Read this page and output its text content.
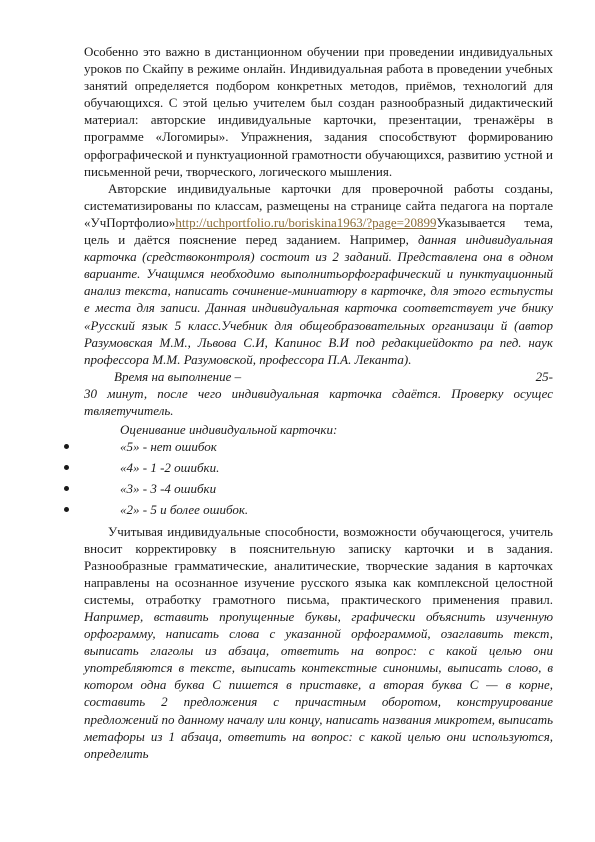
Особенно это важно в дистанционном обучении при проведении индивидуальных уроков по Скайпу в режиме онлайн. Индивидуальная работа в проведении учебных занятий определяется подбором конкретных методов, приёмов, технологий для обучающихся. С этой целью учителем был создан разнообразный дидактический материал: авторские индивидуальные карточки, презентации, тренажёры в программе «Логомиры». Упражнения, задания способствуют формированию орфографической и пунктуационной грамотности обучающихся, развитию устной и письменной речи, творческого, логического мышления.

Авторские индивидуальные карточки для проверочной работы созданы, систематизированы по классам, размещены на странице сайта педагога на портале «УчПортфолио»http://uchportfolio.ru/boriskina1963/?page=20899Указывается тема, цель и даётся пояснение перед заданием. Например, данная индивидуальная карточка (средствоконтроля) состоит из 2 заданий. Представлена она в одном варианте. Учащимся необходимо выполнитьорфографический и пунктуационный анализ текста, написать сочинение-миниатюру в карточке, для этого естьпусты е места для записи. Данная индивидуальная карточка соответствует уче бнику «Русский язык 5 класс.Учебник для общеобразовательных организаци й (автор Разумовская М.М., Львова С.И, Капинос В.И под редакциейдокто ра пед. наук профессора М.М. Разумовской, профессора П.А. Леканта).

Время на выполнение –	25-

30 минут, после чего индивидуальная карточка сдаётся. Проверку осущес твляетучитель.

Оценивание индивидуальной карточки:

«5» - нет ошибок
«4» - 1 -2 ошибки.
«3» - 3 -4 ошибки
«2» - 5 и более ошибок.

Учитывая индивидуальные способности, возможности обучающегося, учитель вносит корректировку в пояснительную записку карточки и в задания. Разнообразные грамматические, аналитические, творческие задания в карточках направлены на осознанное изучение русского языка как комплексной целостной системы, отработку грамотного письма, практического применения правил. Например, вставить пропущенные буквы, графически объяснить изученную орфограмму, написать слова с указанной орфограммой, озаглавить текст, выписать глаголы из абзаца, ответить на вопрос: с какой целью они употребляются в тексте, выписать контекстные синонимы, выписать слово, в котором одна буква С пишется в приставке, а вторая буква С — в корне, составить 2 предложения с причастным оборотом, конструирование предложений по данному началу или концу, написать названия микротем, выписать метафоры из 1 абзаца, ответить на вопрос: с какой целью они используются, определить
